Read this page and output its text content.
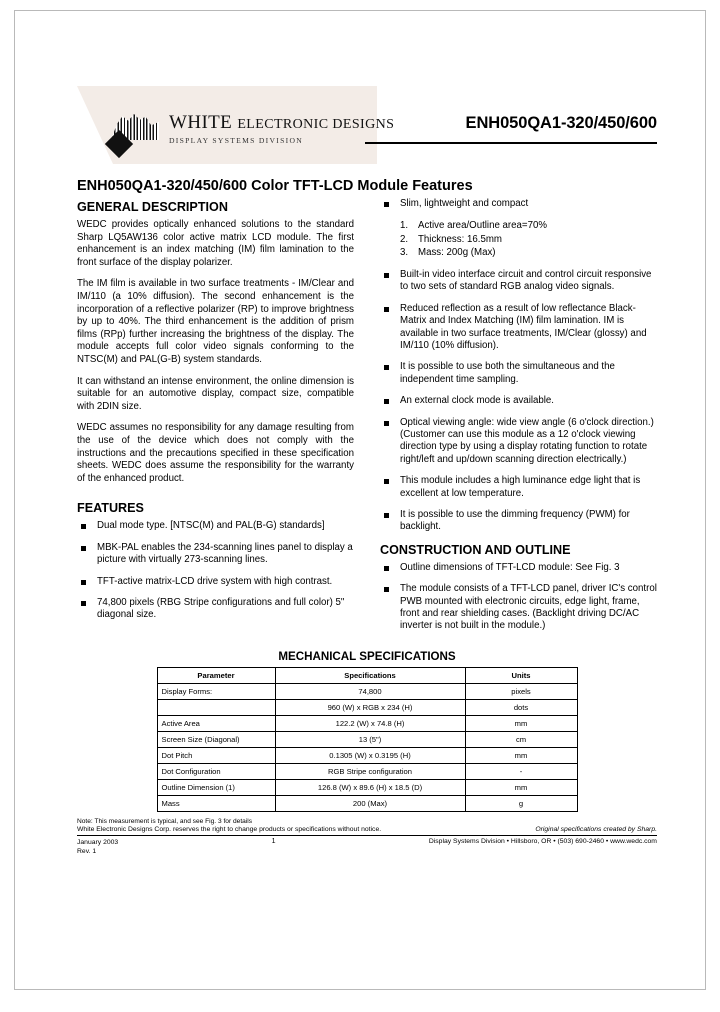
WHITE ELECTRONIC DESIGNS
DISPLAY SYSTEMS DIVISION
ENH050QA1-320/450/600
ENH050QA1-320/450/600 Color TFT-LCD Module Features
GENERAL DESCRIPTION

WEDC provides optically enhanced solutions to the standard Sharp LQ5AW136 color active matrix LCD module. The first enhancement is an index matching (IM) film lamination to the front surface of the display polarizer.

The IM film is available in two surface treatments - IM/Clear and IM/110 (a 10% diffusion). The second enhancement is the incorporation of a reflective polarizer (RP) to improve brightness by up to 40%. The third enhancement is the addition of prism films (RPp) further increasing the brightness of the display. The module accepts full color video signals conforming to the NTSC(M) and PAL(G-B) system standards.

It can withstand an intense environment, the online dimension is suitable for an automotive display, compact size, compatible with 2DIN size.

WEDC assumes no responsibility for any damage resulting from the use of the device which does not comply with the instructions and the precautions specified in these specification sheets. WEDC does assume the responsibility for the warranty of the enhanced product.

FEATURES
Dual mode type. [NTSC(M) and PAL(B-G) standards]
MBK-PAL enables the 234-scanning lines panel to display a picture with virtually 273-scanning lines.
TFT-active matrix-LCD drive system with high contrast.
74,800 pixels (RBG Stripe configurations and full color) 5" diagonal size.
Slim, lightweight and compact
1. Active area/Outline area=70%
2. Thickness: 16.5mm
3. Mass: 200g (Max)
Built-in video interface circuit and control circuit responsive to two sets of standard RGB analog video signals.
Reduced reflection as a result of low reflectance Black-Matrix and Index Matching (IM) film lamination. IM is available in two surface treatments, IM/Clear (glossy) and IM/110 (10% diffusion).
It is possible to use both the simultaneous and the independent time sampling.
An external clock mode is available.
Optical viewing angle: wide view angle (6 o'clock direction.) (Customer can use this module as a 12 o'clock viewing direction type by using a display rotating function to rotate right/left and up/down scanning direction electrically.)
This module includes a high luminance edge light that is excellent at low temperature.
It is possible to use the dimming frequency (PWM) for backlight.
CONSTRUCTION AND OUTLINE
Outline dimensions of TFT-LCD module: See Fig. 3
The module consists of a TFT-LCD panel, driver IC's control PWB mounted with electronic circuits, edge light, frame, front and rear shielding cases. (Backlight driving DC/AC inverter is not built in the module.)
MECHANICAL SPECIFICATIONS
Parameter	Specifications	Units
Display Forms:	74,800	pixels
	960 (W) x RGB x 234 (H)	dots
Active Area	122.2 (W) x 74.8 (H)	mm
Screen Size (Diagonal)	13 (5")	cm
Dot Pitch	0.1305 (W) x 0.3195 (H)	mm
Dot Configuration	RGB Stripe configuration	-
Outline Dimension (1)	126.8 (W) x 89.6 (H) x 18.5 (D)	mm
Mass	200 (Max)	g
Note: This measurement is typical, and see Fig. 3 for details
White Electronic Designs Corp. reserves the right to change products or specifications without notice.	Original specifications created by Sharp.
January 2003
Rev. 1
1	Display Systems Division • Hillsboro, OR • (503) 690-2460 • www.wedc.com
